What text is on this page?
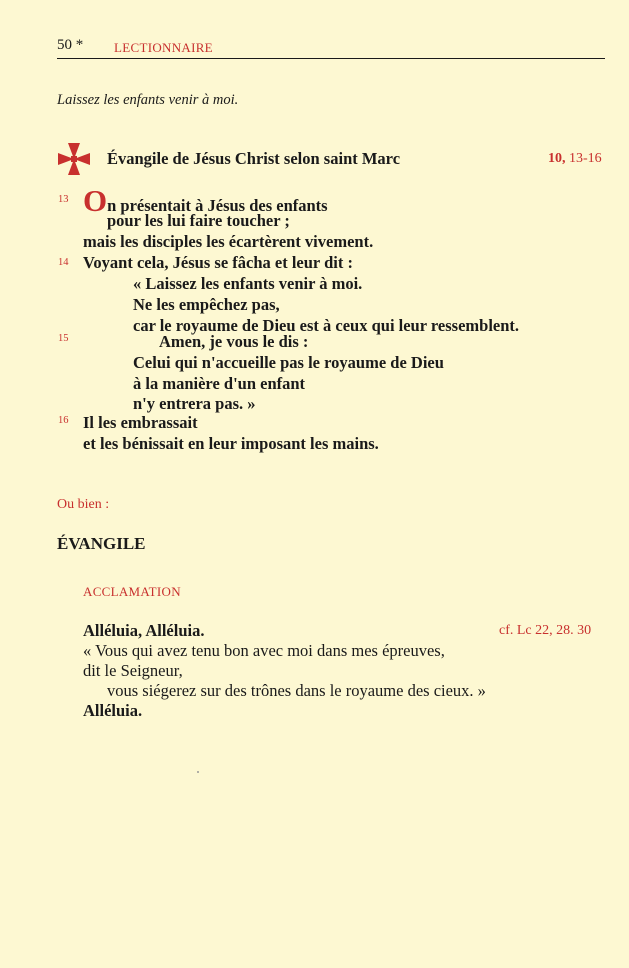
50 * LECTIONNAIRE
Laissez les enfants venir à moi.
Évangile de Jésus Christ selon saint Marc	10, 13-16
13
14
15
16
On présentait à Jésus des enfants
pour les lui faire toucher ;
mais les disciples les écartèrent vivement.
Voyant cela, Jésus se fâcha et leur dit :
« Laissez les enfants venir à moi.
Ne les empêchez pas,
car le royaume de Dieu est à ceux qui leur ressemblent.
Amen, je vous le dis :
Celui qui n'accueille pas le royaume de Dieu
à la manière d'un enfant
n'y entrera pas. »
Il les embrassait
et les bénissait en leur imposant les mains.
Ou bien :
ÉVANGILE
ACCLAMATION
Alléluia, Alléluia.	cf. Lc 22, 28. 30
« Vous qui avez tenu bon avec moi dans mes épreuves,
dit le Seigneur,
vous siégerez sur des trônes dans le royaume des cieux. »
Alléluia.
